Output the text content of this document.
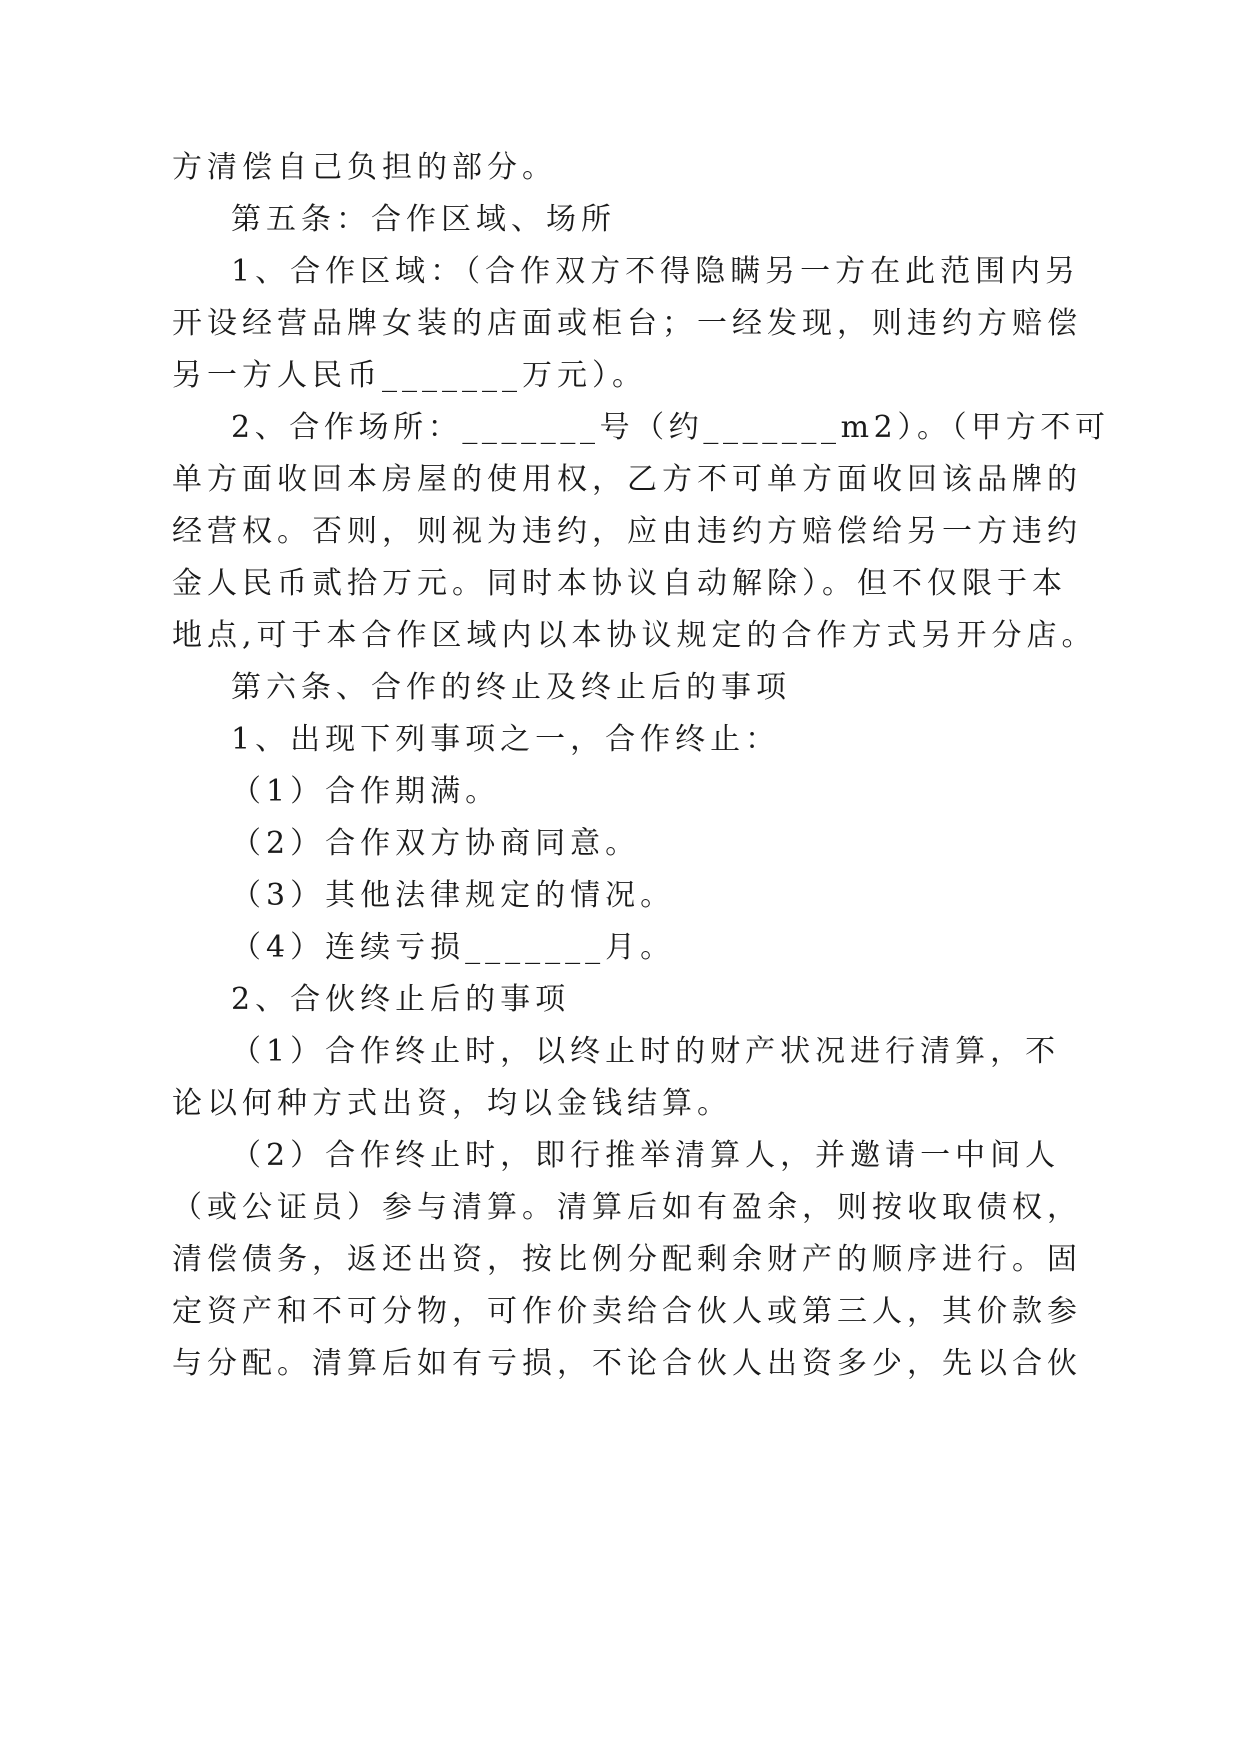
方清偿自己负担的部分。
第五条：合作区域、场所
1、合作区域：（合作双方不得隐瞒另一方在此范围内另
开设经营品牌女装的店面或柜台；一经发现，则违约方赔偿
另一方人民币_______万元）。
2、合作场所：_______号（约_______m2）。（甲方不可
单方面收回本房屋的使用权，乙方不可单方面收回该品牌的
经营权。否则，则视为违约，应由违约方赔偿给另一方违约
金人民币贰拾万元。同时本协议自动解除）。但不仅限于本
地点,可于本合作区域内以本协议规定的合作方式另开分店。
第六条、合作的终止及终止后的事项
1、出现下列事项之一，合作终止：
（1）合作期满。
（2）合作双方协商同意。
（3）其他法律规定的情况。
（4）连续亏损_______月。
2、合伙终止后的事项
（1）合作终止时，以终止时的财产状况进行清算，不
论以何种方式出资，均以金钱结算。
（2）合作终止时，即行推举清算人，并邀请一中间人
（或公证员）参与清算。清算后如有盈余，则按收取债权，
清偿债务，返还出资，按比例分配剩余财产的顺序进行。固
定资产和不可分物，可作价卖给合伙人或第三人，其价款参
与分配。清算后如有亏损，不论合伙人出资多少，先以合伙
